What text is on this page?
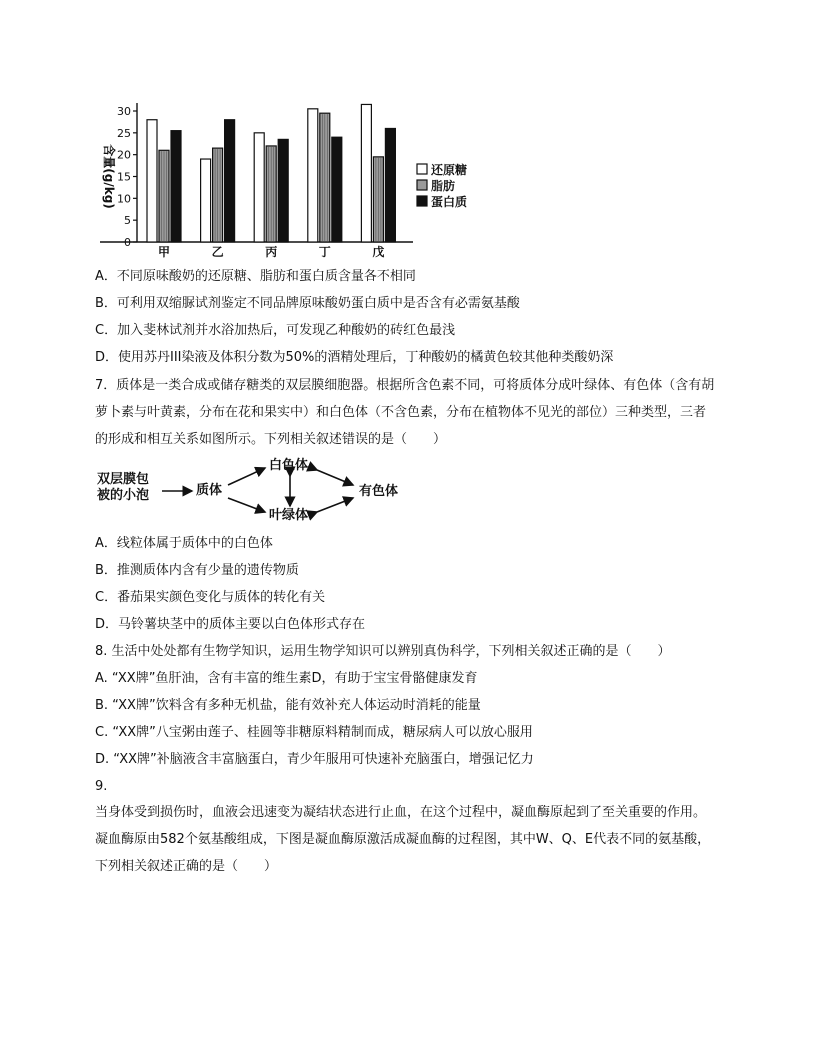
含量(g/kg)
0
5
10
15
20
25
30
甲	乙	丙	丁	戊
还原糖
脂肪
蛋白质
A．不同原味酸奶的还原糖、脂肪和蛋白质含量各不相同
B．可利用双缩脲试剂鉴定不同品牌原味酸奶蛋白质中是否含有必需氨基酸
C．加入斐林试剂并水浴加热后，可发现乙种酸奶的砖红色最浅
D．使用苏丹III染液及体积分数为50%的酒精处理后，丁种酸奶的橘黄色较其他种类酸奶深
7．质体是一类合成或储存糖类的双层膜细胞器。根据所含色素不同，可将质体分成叶绿体、有色体（含有胡萝卜素与叶黄素，分布在花和果实中）和白色体（不含色素，分布在植物体不见光的部位）三种类型，三者的形成和相互关系如图所示。下列相关叙述错误的是（　　）
双层膜包
被的小泡	质体
白色体
叶绿体
有色体
A．线粒体属于质体中的白色体
B．推测质体内含有少量的遗传物质
C．番茄果实颜色变化与质体的转化有关
D．马铃薯块茎中的质体主要以白色体形式存在
8. 生活中处处都有生物学知识，运用生物学知识可以辨别真伪科学，下列相关叙述正确的是（　　）
A. “XX牌”鱼肝油，含有丰富的维生素D，有助于宝宝骨骼健康发育
B. “XX牌”饮料含有多种无机盐，能有效补充人体运动时消耗的能量
C. “XX牌”八宝粥由莲子、桂圆等非糖原料精制而成，糖尿病人可以放心服用
D. “XX牌”补脑液含丰富脑蛋白，青少年服用可快速补充脑蛋白，增强记忆力
9.
当身体受到损伤时，血液会迅速变为凝结状态进行止血，在这个过程中，凝血酶原起到了至关重要的作用。凝血酶原由582个氨基酸组成，下图是凝血酶原激活成凝血酶的过程图，其中W、Q、E代表不同的氨基酸，下列相关叙述正确的是（　　）
